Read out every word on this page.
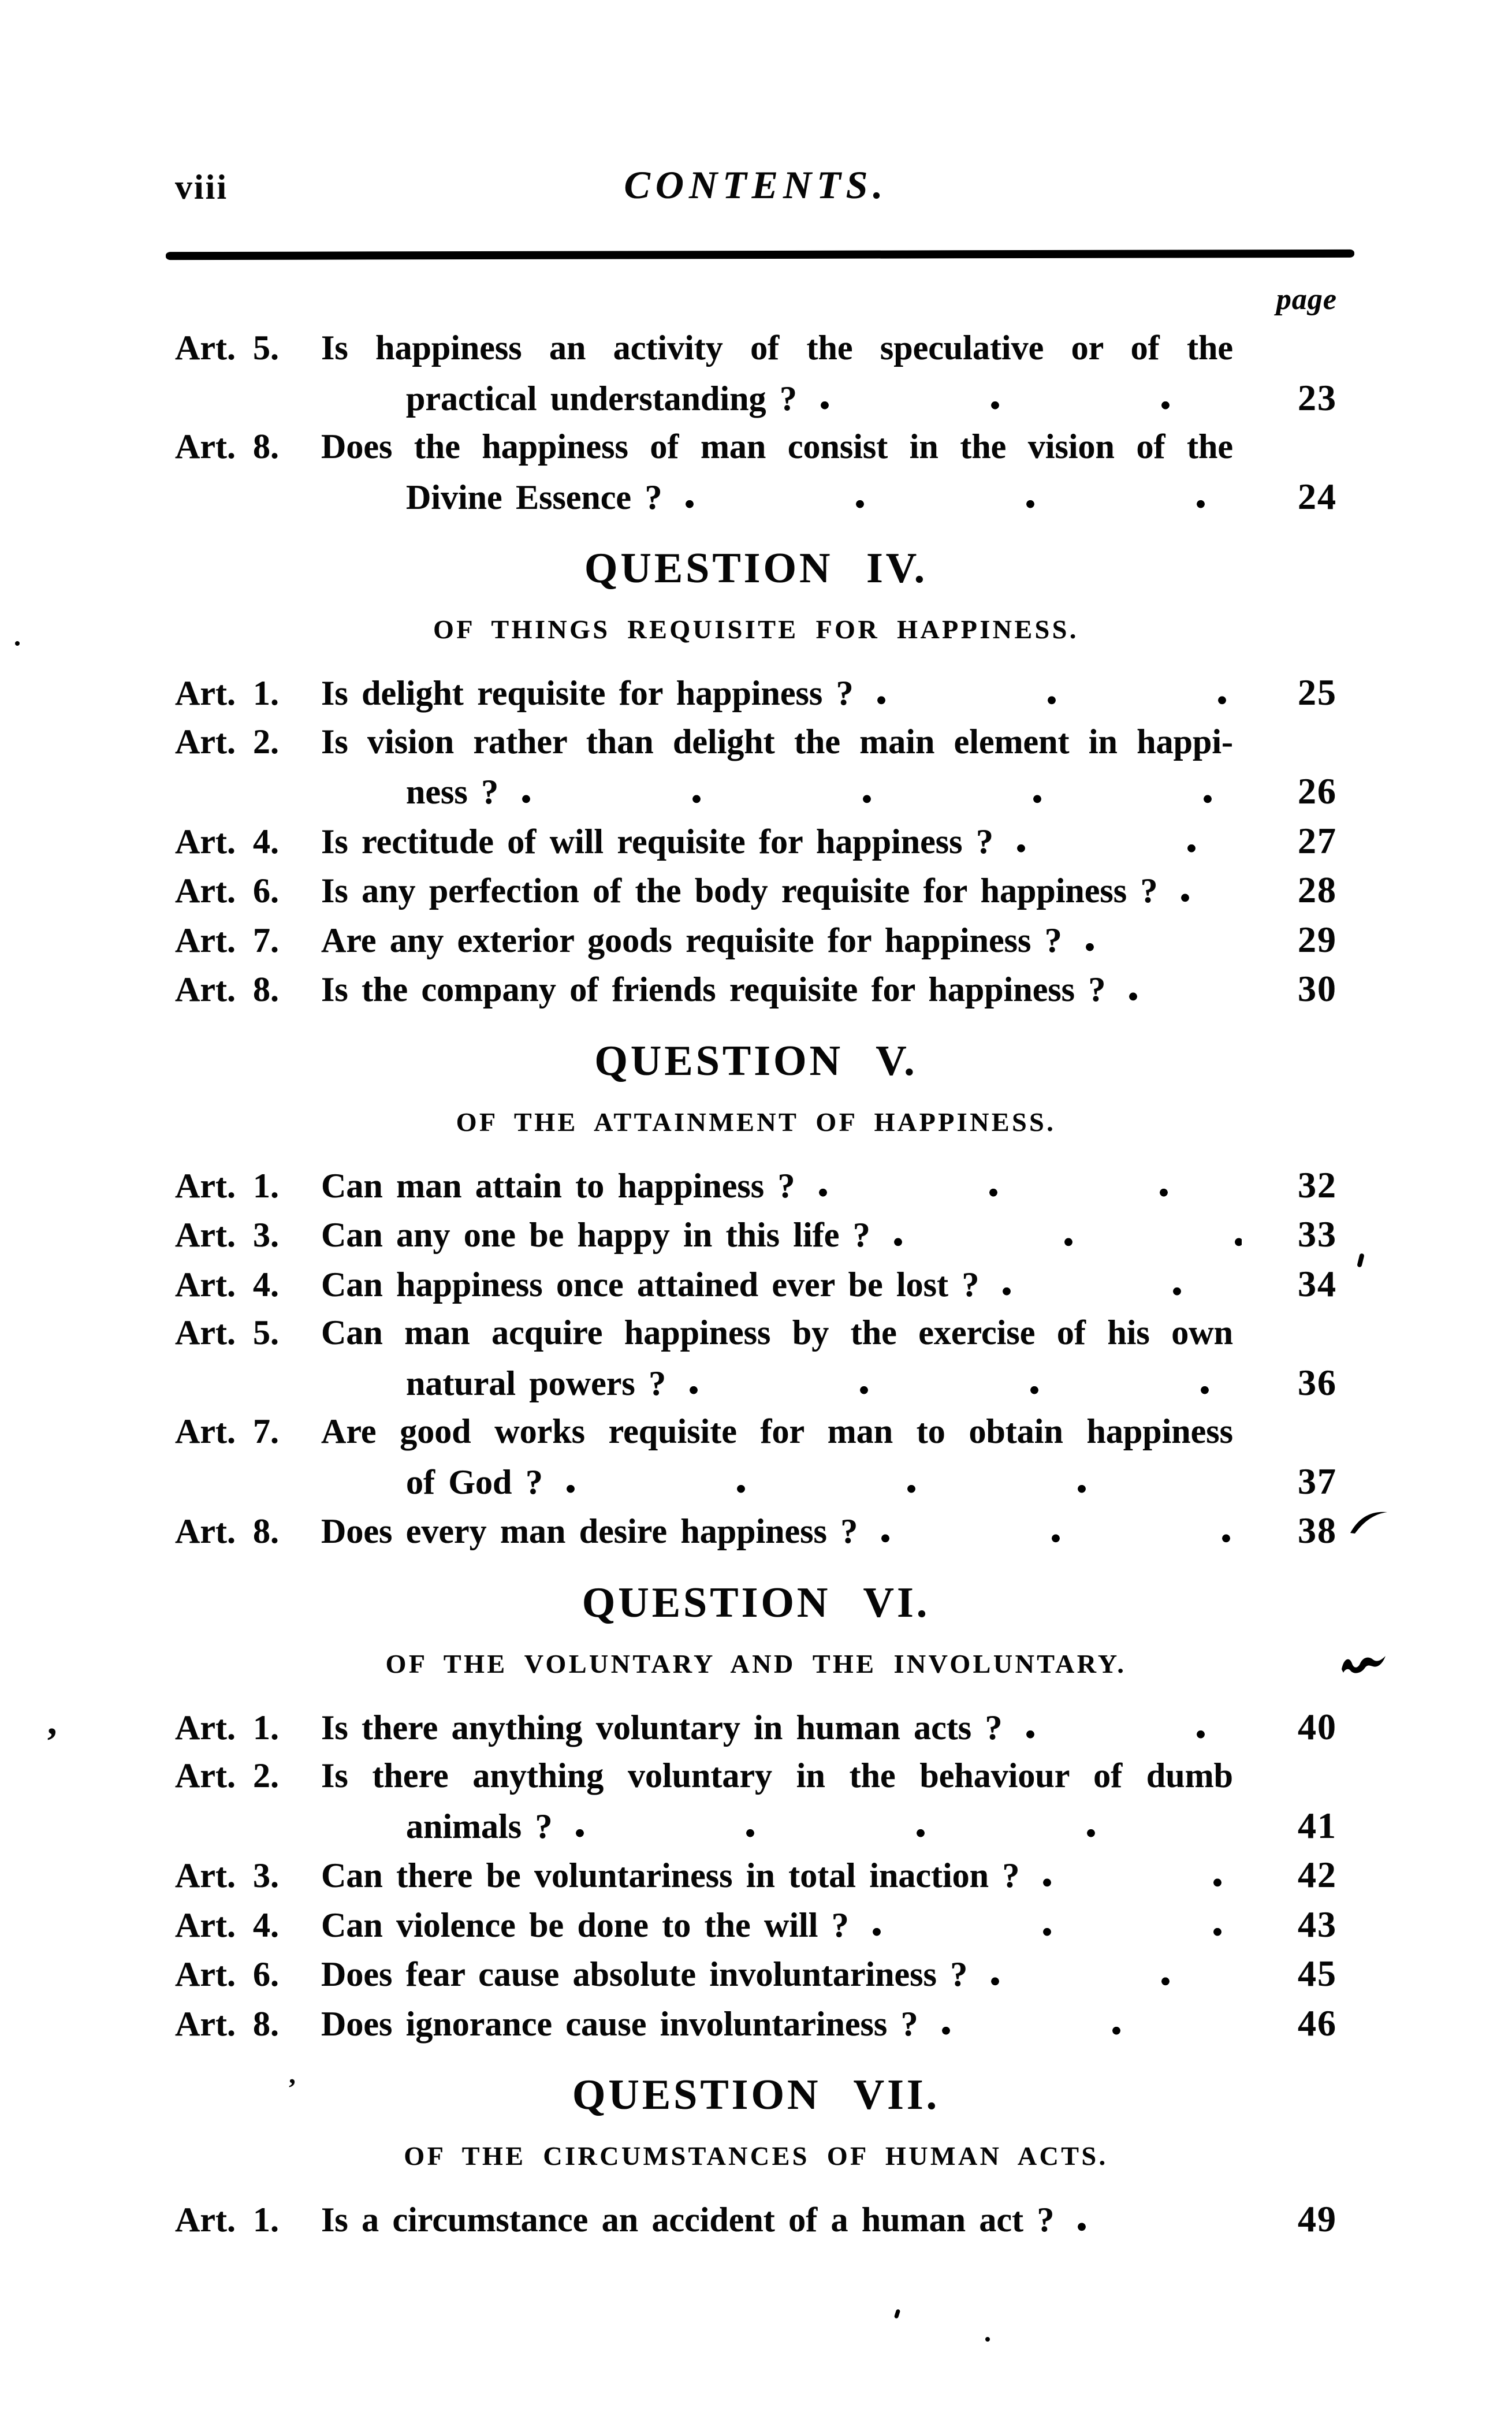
viii	CONTENTS.
page
Art. 5.	Is happiness an activity of the speculative or of the
practical understanding ?	23
Art. 8.	Does the happiness of man consist in the vision of the
Divine Essence ?	24
QUESTION IV.
OF THINGS REQUISITE FOR HAPPINESS.
Art. 1.	Is delight requisite for happiness ?	25
Art. 2.	Is vision rather than delight the main element in happi-
ness ?	26
Art. 4.	Is rectitude of will requisite for happiness ?	27
Art. 6.	Is any perfection of the body requisite for happiness ?	28
Art. 7.	Are any exterior goods requisite for happiness ?	29
Art. 8.	Is the company of friends requisite for happiness ?	30
QUESTION V.
OF THE ATTAINMENT OF HAPPINESS.
Art. 1.	Can man attain to happiness ?	32
Art. 3.	Can any one be happy in this life ?	33
Art. 4.	Can happiness once attained ever be lost ?	34
Art. 5.	Can man acquire happiness by the exercise of his own
natural powers ?	36
Art. 7.	Are good works requisite for man to obtain happiness
of God ?	37
Art. 8.	Does every man desire happiness ?	38
QUESTION VI.
OF THE VOLUNTARY AND THE INVOLUNTARY.
Art. 1.	Is there anything voluntary in human acts ?	40
Art. 2.	Is there anything voluntary in the behaviour of dumb
animals ?	41
Art. 3.	Can there be voluntariness in total inaction ?	42
Art. 4.	Can violence be done to the will ?	43
Art. 6.	Does fear cause absolute involuntariness ?	45
Art. 8.	Does ignorance cause involuntariness ?	46
QUESTION VII.
OF THE CIRCUMSTANCES OF HUMAN ACTS.
Art. 1.	Is a circumstance an accident of a human act ?	49
,
’
